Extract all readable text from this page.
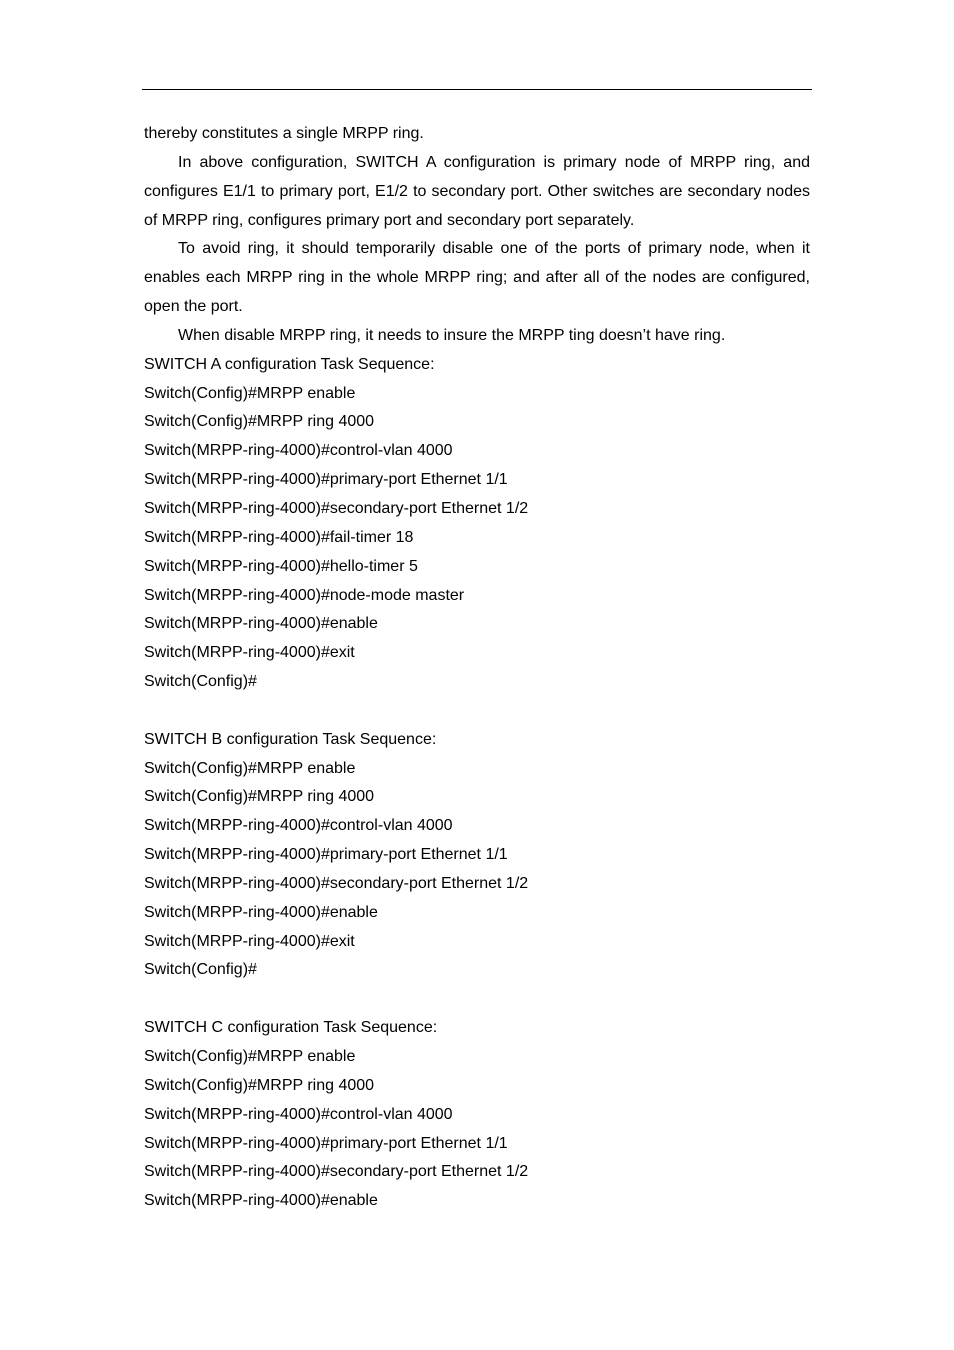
thereby constitutes a single MRPP ring.

In above configuration, SWITCH A configuration is primary node of MRPP ring, and configures E1/1 to primary port, E1/2 to secondary port. Other switches are secondary nodes of MRPP ring, configures primary port and secondary port separately.

To avoid ring, it should temporarily disable one of the ports of primary node, when it enables each MRPP ring in the whole MRPP ring; and after all of the nodes are configured, open the port.

When disable MRPP ring, it needs to insure the MRPP ting doesn’t have ring.

SWITCH A configuration Task Sequence:

Switch(Config)#MRPP enable

Switch(Config)#MRPP ring 4000

Switch(MRPP-ring-4000)#control-vlan 4000

Switch(MRPP-ring-4000)#primary-port Ethernet 1/1

Switch(MRPP-ring-4000)#secondary-port Ethernet 1/2

Switch(MRPP-ring-4000)#fail-timer 18

Switch(MRPP-ring-4000)#hello-timer 5

Switch(MRPP-ring-4000)#node-mode master

Switch(MRPP-ring-4000)#enable

Switch(MRPP-ring-4000)#exit

Switch(Config)#

SWITCH B configuration Task Sequence:

Switch(Config)#MRPP enable

Switch(Config)#MRPP ring 4000

Switch(MRPP-ring-4000)#control-vlan 4000

Switch(MRPP-ring-4000)#primary-port Ethernet 1/1

Switch(MRPP-ring-4000)#secondary-port Ethernet 1/2

Switch(MRPP-ring-4000)#enable

Switch(MRPP-ring-4000)#exit

Switch(Config)#

SWITCH C configuration Task Sequence:

Switch(Config)#MRPP enable

Switch(Config)#MRPP ring 4000

Switch(MRPP-ring-4000)#control-vlan 4000

Switch(MRPP-ring-4000)#primary-port Ethernet 1/1

Switch(MRPP-ring-4000)#secondary-port Ethernet 1/2

Switch(MRPP-ring-4000)#enable
